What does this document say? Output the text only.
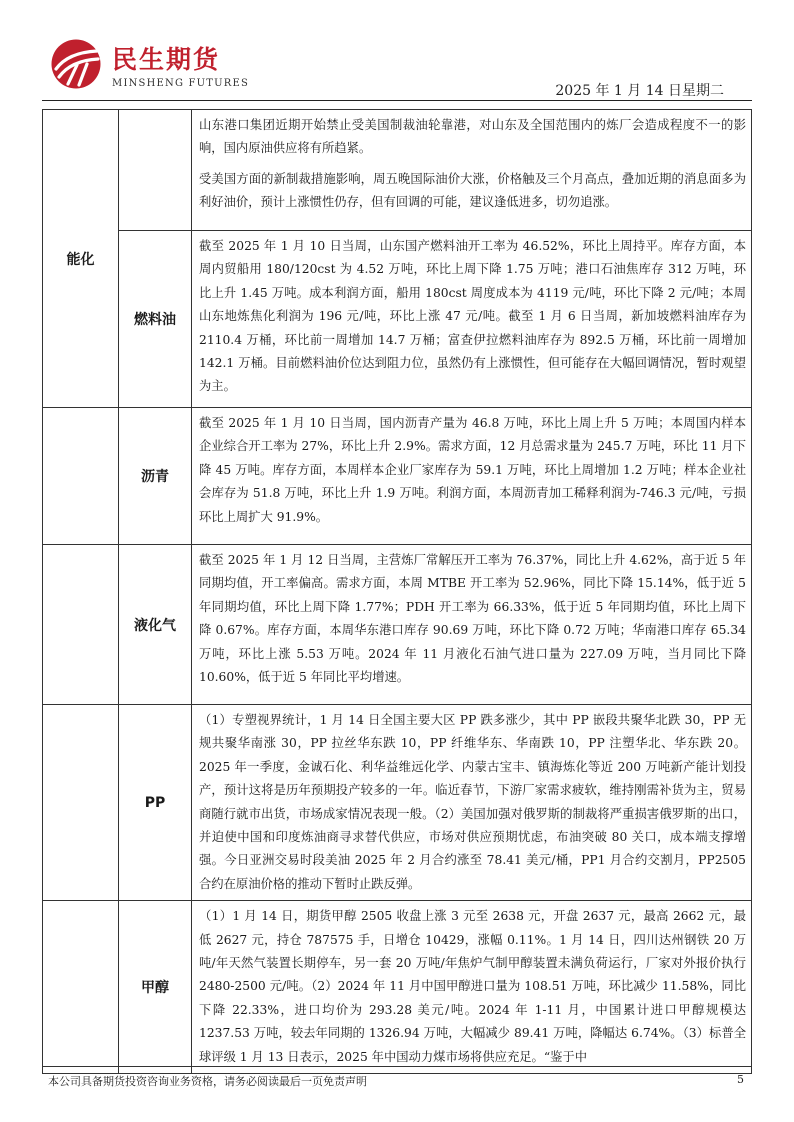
民生期货
MINSHENG FUTURES	2025 年 1 月 14 日星期二
能化		山东港口集团近期开始禁止受美国制裁油轮靠港，对山东及全国范围内的炼厂会造成程度不一的影响，国内原油供应将有所趋紧。

受美国方面的新制裁措施影响，周五晚国际油价大涨，价格触及三个月高点，叠加近期的消息面多为利好油价，预计上涨惯性仍存，但有回调的可能，建议逢低进多，切勿追涨。

	燃料油	截至 2025 年 1 月 10 日当周，山东国产燃料油开工率为 46.52%，环比上周持平。库存方面，本周内贸船用 180/120cst 为 4.52 万吨，环比上周下降 1.75 万吨；港口石油焦库存 312 万吨，环比上升 1.45 万吨。成本利润方面，船用 180cst 周度成本为 4119 元/吨，环比下降 2 元/吨；本周山东地炼焦化利润为 196 元/吨，环比上涨 47 元/吨。截至 1 月 6 日当周，新加坡燃料油库存为 2110.4 万桶，环比前一周增加 14.7 万桶；富查伊拉燃料油库存为 892.5 万桶，环比前一周增加 142.1 万桶。目前燃料油价位达到阻力位，虽然仍有上涨惯性，但可能存在大幅回调情况，暂时观望为主。

	沥青	截至 2025 年 1 月 10 日当周，国内沥青产量为 46.8 万吨，环比上周上升 5 万吨；本周国内样本企业综合开工率为 27%，环比上升 2.9%。需求方面，12 月总需求量为 245.7 万吨，环比 11 月下降 45 万吨。库存方面，本周样本企业厂家库存为 59.1 万吨，环比上周增加 1.2 万吨；样本企业社会库存为 51.8 万吨，环比上升 1.9 万吨。利润方面，本周沥青加工稀释利润为-746.3 元/吨，亏损环比上周扩大 91.9%。

	液化气	截至 2025 年 1 月 12 日当周，主营炼厂常解压开工率为 76.37%，同比上升 4.62%，高于近 5 年同期均值，开工率偏高。需求方面，本周 MTBE 开工率为 52.96%，同比下降 15.14%，低于近 5 年同期均值，环比上周下降 1.77%；PDH 开工率为 66.33%，低于近 5 年同期均值，环比上周下降 0.67%。库存方面，本周华东港口库存 90.69 万吨，环比下降 0.72 万吨；华南港口库存 65.34 万吨，环比上涨 5.53 万吨。2024 年 11 月液化石油气进口量为 227.09 万吨，当月同比下降 10.60%，低于近 5 年同比平均增速。

	PP	（1）专塑视界统计，1 月 14 日全国主要大区 PP 跌多涨少，其中 PP 嵌段共聚华北跌 30，PP 无规共聚华南涨 30，PP 拉丝华东跌 10，PP 纤维华东、华南跌 10，PP 注塑华北、华东跌 20。2025 年一季度，金诚石化、利华益维远化学、内蒙古宝丰、镇海炼化等近 200 万吨新产能计划投产，预计这将是历年预期投产较多的一年。临近春节，下游厂家需求疲软，维持刚需补货为主，贸易商随行就市出货，市场成家情况表现一般。（2）美国加强对俄罗斯的制裁将严重损害俄罗斯的出口，并迫使中国和印度炼油商寻求替代供应，市场对供应预期忧虑，布油突破 80 关口，成本端支撑增强。今日亚洲交易时段美油 2025 年 2 月合约涨至 78.41 美元/桶，PP1 月合约交割月，PP2505 合约在原油价格的推动下暂时止跌反弹。

	甲醇	（1）1 月 14 日，期货甲醇 2505 收盘上涨 3 元至 2638 元，开盘 2637 元，最高 2662 元，最低 2627 元，持仓 787575 手，日增仓 10429，涨幅 0.11%。1 月 14 日，四川达州钢铁 20 万吨/年天然气装置长期停车，另一套 20 万吨/年焦炉气制甲醇装置未满负荷运行，厂家对外报价执行 2480-2500 元/吨。（2）2024 年 11 月中国甲醇进口量为 108.51 万吨，环比减少 11.58%，同比下降 22.33%，进口均价为 293.28 美元/吨。2024 年 1-11 月，中国累计进口甲醇规模达 1237.53 万吨，较去年同期的 1326.94 万吨，大幅减少 89.41 万吨，降幅达 6.74%。（3）标普全球评级 1 月 13 日表示，2025 年中国动力煤市场将供应充足。“鉴于中

本公司具备期货投资咨询业务资格，请务必阅读最后一页免责声明	5
